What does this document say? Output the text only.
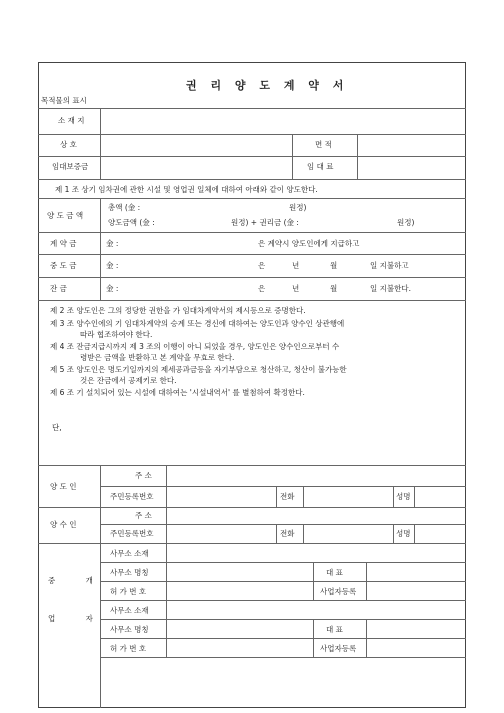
권 리 양 도 계 약 서
목적물의 표시
소 재 지
상 호	면 적
임대보증금	임 대 료
제 1 조 상기 임차권에 관한 시설 및 영업권 일체에 대하여 아래와 같이 양도한다.
양 도 금 액
총액 (金 :	원정)
양도금액 (金 :	원정) + 권리금 (金 :	원정)
계 약 금	金 :	은 계약시 양도인에게 지급하고
중 도 금	金 :	은	년	월	일 지불하고
잔 금	金 :	은	년	월	일 지불한다.
제 2 조 양도인은 그의 정당한 권한을 가 임대차계약서의 제시등으로 증명한다.
제 3 조 양수인에의 기 임대차계약의 승계 또는 경신에 대하여는 양도인과 양수인 상관행에
따라 협조하여야 한다.
제 4 조 잔금지급시까지 제 3 조의 이행이 아니 되었을 경우, 양도인은 양수인으로부터 수
령받은 금액을 반환하고 본 계약을 무효로 한다.
제 5 조 양도인은 명도기일까지의 제세공과금등을 자기부담으로 청산하고, 청산이 불가능한
것은 잔금에서 공제키로 한다.
제 6 조 기 설치되어 있는 시설에 대하여는 '시설내역서' 를 별첨하여 확정한다.
단,
양 도 인
주 소
주민등록번호	전화	성명
양 수 인
주 소
주민등록번호	전화	성명
중 개
업 자
사무소 소재
사무소 명칭	대 표
허 가 번 호	사업자등록
사무소 소재
사무소 명칭	대 표
허 가 번 호	사업자등록
